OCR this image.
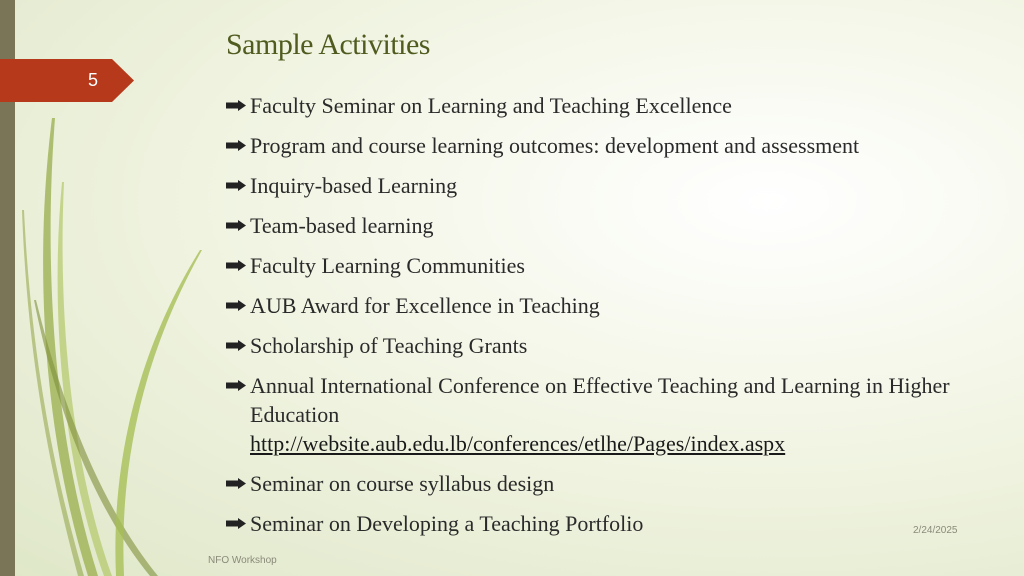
5
Sample Activities
Faculty Seminar on Learning and Teaching Excellence
Program and course learning outcomes: development and assessment
Inquiry-based Learning
Team-based learning
Faculty Learning Communities
AUB Award for Excellence in Teaching
Scholarship of Teaching Grants
Annual International Conference on Effective Teaching and Learning in Higher Education
http://website.aub.edu.lb/conferences/etlhe/Pages/index.aspx
Seminar on course syllabus design
Seminar on Developing a Teaching Portfolio	2/24/2025
NFO Workshop
